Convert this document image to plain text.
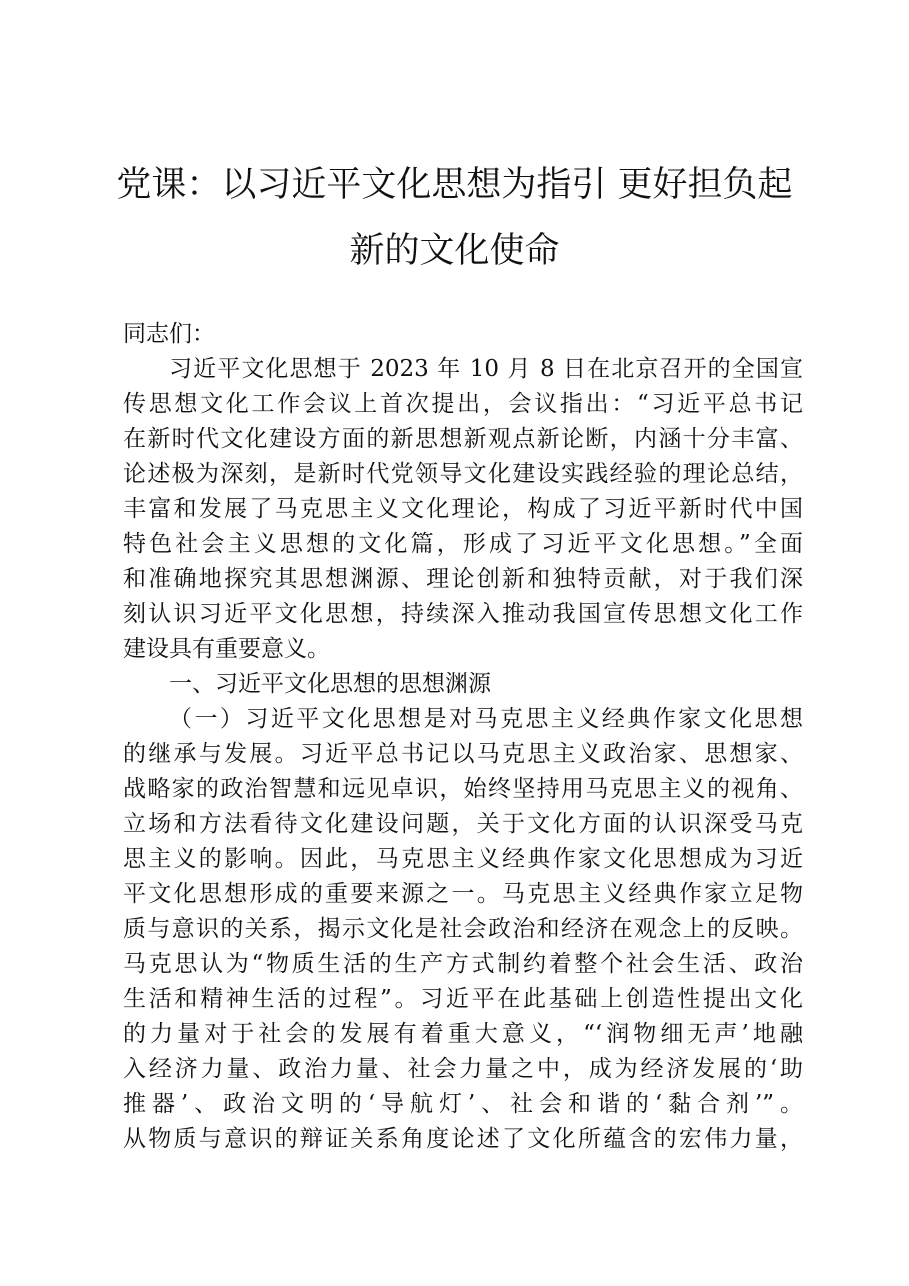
党课：以习近平文化思想为指引 更好担负起
新的文化使命
同志们：
习近平文化思想于 2023 年 10 月 8 日在北京召开的全国宣
传思想文化工作会议上首次提出，会议指出：“习近平总书记
在新时代文化建设方面的新思想新观点新论断，内涵十分丰富、
论述极为深刻，是新时代党领导文化建设实践经验的理论总结，
丰富和发展了马克思主义文化理论，构成了习近平新时代中国
特色社会主义思想的文化篇，形成了习近平文化思想。”全面
和准确地探究其思想渊源、理论创新和独特贡献，对于我们深
刻认识习近平文化思想，持续深入推动我国宣传思想文化工作
建设具有重要意义。
一、习近平文化思想的思想渊源
（一）习近平文化思想是对马克思主义经典作家文化思想
的继承与发展。习近平总书记以马克思主义政治家、思想家、
战略家的政治智慧和远见卓识，始终坚持用马克思主义的视角、
立场和方法看待文化建设问题，关于文化方面的认识深受马克
思主义的影响。因此，马克思主义经典作家文化思想成为习近
平文化思想形成的重要来源之一。马克思主义经典作家立足物
质与意识的关系，揭示文化是社会政治和经济在观念上的反映。
马克思认为“物质生活的生产方式制约着整个社会生活、政治
生活和精神生活的过程”。习近平在此基础上创造性提出文化
的力量对于社会的发展有着重大意义，“‘润物细无声’地融
入经济力量、政治力量、社会力量之中，成为经济发展的‘助
推器’、政治文明的‘导航灯’、社会和谐的‘黏合剂’”。
从物质与意识的辩证关系角度论述了文化所蕴含的宏伟力量，
